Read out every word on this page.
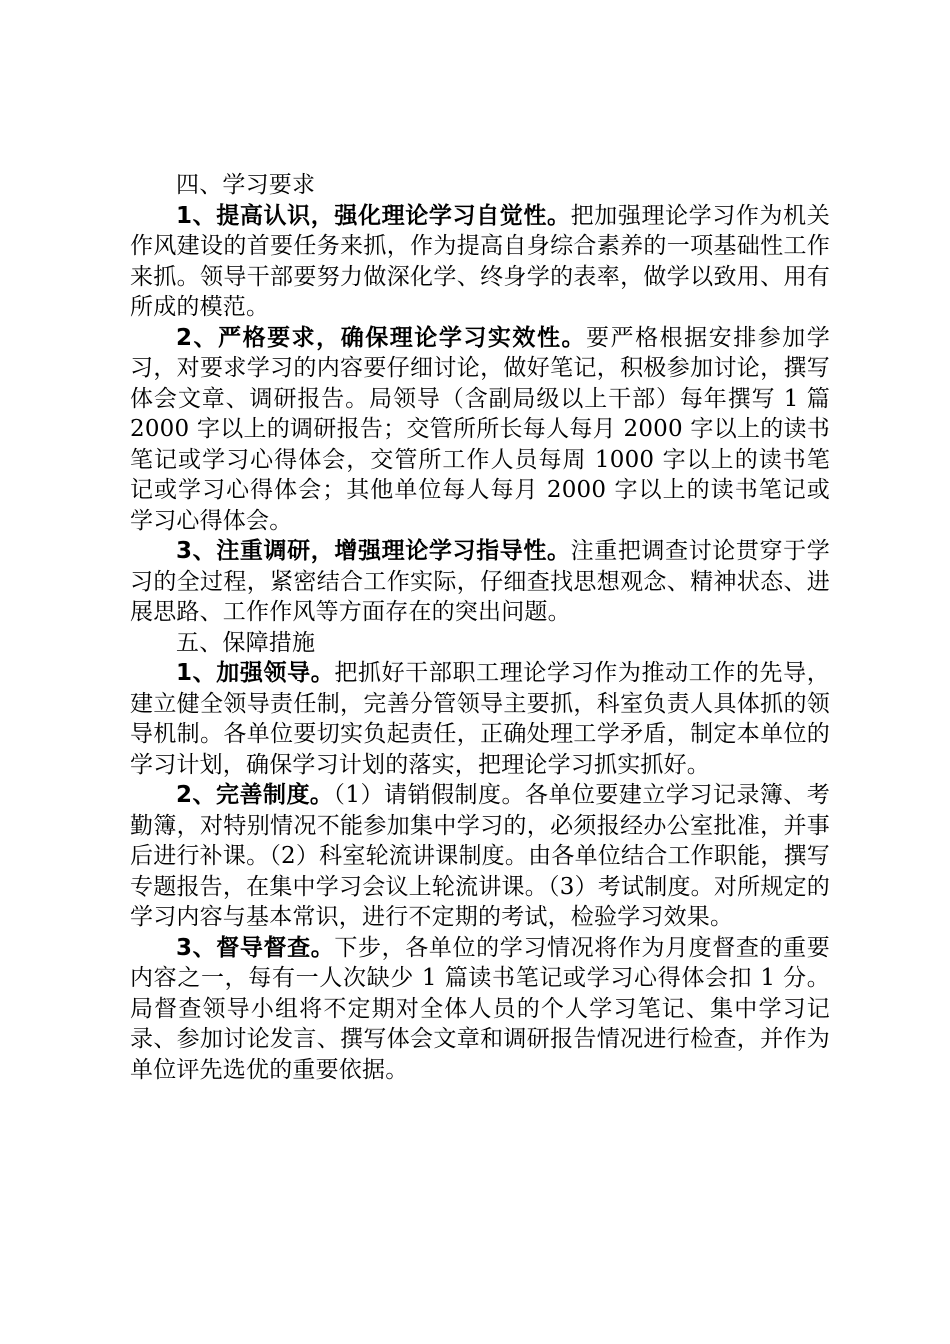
四、学习要求

1、提高认识，强化理论学习自觉性。把加强理论学习作为机关作风建设的首要任务来抓，作为提高自身综合素养的一项基础性工作来抓。领导干部要努力做深化学、终身学的表率，做学以致用、用有所成的模范。

2、严格要求，确保理论学习实效性。要严格根据安排参加学习，对要求学习的内容要仔细讨论，做好笔记，积极参加讨论，撰写体会文章、调研报告。局领导（含副局级以上干部）每年撰写 1 篇 2000 字以上的调研报告；交管所所长每人每月 2000 字以上的读书笔记或学习心得体会，交管所工作人员每周 1000 字以上的读书笔记或学习心得体会；其他单位每人每月 2000 字以上的读书笔记或学习心得体会。

3、注重调研，增强理论学习指导性。注重把调查讨论贯穿于学习的全过程，紧密结合工作实际，仔细查找思想观念、精神状态、进展思路、工作作风等方面存在的突出问题。

五、保障措施

1、加强领导。把抓好干部职工理论学习作为推动工作的先导，建立健全领导责任制，完善分管领导主要抓，科室负责人具体抓的领导机制。各单位要切实负起责任，正确处理工学矛盾，制定本单位的学习计划，确保学习计划的落实，把理论学习抓实抓好。

2、完善制度。（1）请销假制度。各单位要建立学习记录簿、考勤簿，对特别情况不能参加集中学习的，必须报经办公室批准，并事后进行补课。（2）科室轮流讲课制度。由各单位结合工作职能，撰写专题报告，在集中学习会议上轮流讲课。（3）考试制度。对所规定的学习内容与基本常识，进行不定期的考试，检验学习效果。

3、督导督查。下步，各单位的学习情况将作为月度督查的重要内容之一，每有一人次缺少 1 篇读书笔记或学习心得体会扣 1 分。局督查领导小组将不定期对全体人员的个人学习笔记、集中学习记录、参加讨论发言、撰写体会文章和调研报告情况进行检查，并作为单位评先选优的重要依据。
